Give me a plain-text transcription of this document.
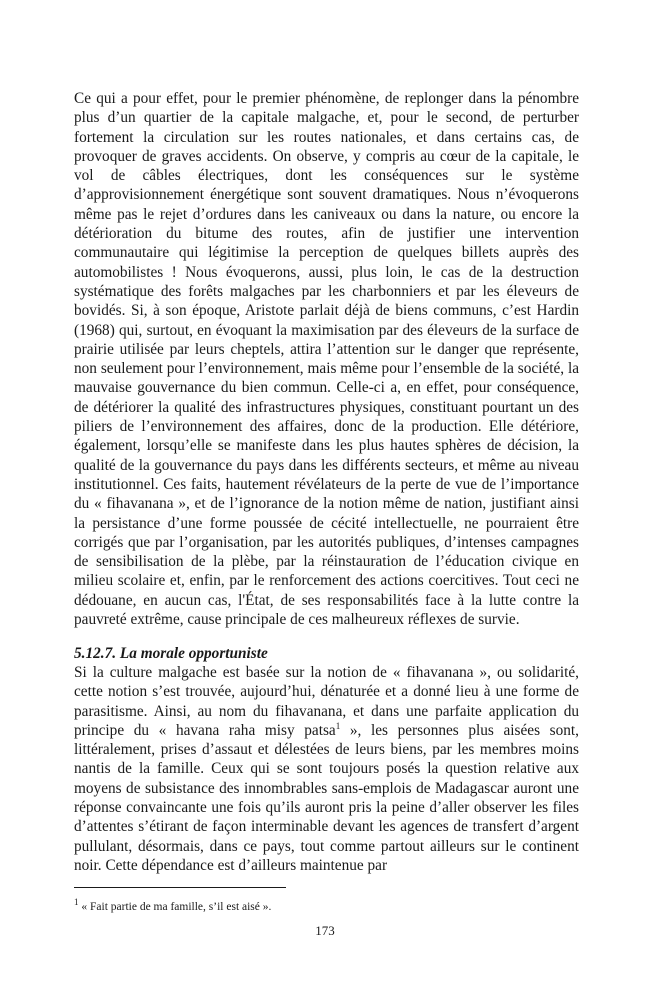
Ce qui a pour effet, pour le premier phénomène, de replonger dans la pénombre plus d’un quartier de la capitale malgache, et, pour le second, de perturber fortement la circulation sur les routes nationales, et dans certains cas, de provoquer de graves accidents. On observe, y compris au cœur de la capitale, le vol de câbles électriques, dont les conséquences sur le système d’approvisionnement énergétique sont souvent dramatiques. Nous n’évoquerons même pas le rejet d’ordures dans les caniveaux ou dans la nature, ou encore la détérioration du bitume des routes, afin de justifier une intervention communautaire qui légitimise la perception de quelques billets auprès des automobilistes ! Nous évoquerons, aussi, plus loin, le cas de la destruction systématique des forêts malgaches par les charbonniers et par les éleveurs de bovidés. Si, à son époque, Aristote parlait déjà de biens communs, c’est Hardin (1968) qui, surtout, en évoquant la maximisation par des éleveurs de la surface de prairie utilisée par leurs cheptels, attira l’attention sur le danger que représente, non seulement pour l’environnement, mais même pour l’ensemble de la société, la mauvaise gouvernance du bien commun. Celle-ci a, en effet, pour conséquence, de détériorer la qualité des infrastructures physiques, constituant pourtant un des piliers de l’environnement des affaires, donc de la production. Elle détériore, également, lorsqu’elle se manifeste dans les plus hautes sphères de décision, la qualité de la gouvernance du pays dans les différents secteurs, et même au niveau institutionnel. Ces faits, hautement révélateurs de la perte de vue de l’importance du « fihavanana », et de l’ignorance de la notion même de nation, justifiant ainsi la persistance d’une forme poussée de cécité intellectuelle, ne pourraient être corrigés que par l’organisation, par les autorités publiques, d’intenses campagnes de sensibilisation de la plèbe, par la réinstauration de l’éducation civique en milieu scolaire et, enfin, par le renforcement des actions coercitives. Tout ceci ne dédouane, en aucun cas, l'État, de ses responsabilités face à la lutte contre la pauvreté extrême, cause principale de ces malheureux réflexes de survie.

5.12.7. La morale opportuniste

Si la culture malgache est basée sur la notion de « fihavanana », ou solidarité, cette notion s’est trouvée, aujourd’hui, dénaturée et a donné lieu à une forme de parasitisme. Ainsi, au nom du fihavanana, et dans une parfaite application du principe du « havana raha misy patsa$^1$ », les personnes plus aisées sont, littéralement, prises d’assaut et délestées de leurs biens, par les membres moins nantis de la famille. Ceux qui se sont toujours posés la question relative aux moyens de subsistance des innombrables sans-emplois de Madagascar auront une réponse convaincante une fois qu’ils auront pris la peine d’aller observer les files d’attentes s’étirant de façon interminable devant les agences de transfert d’argent pullulant, désormais, dans ce pays, tout comme partout ailleurs sur le continent noir. Cette dépendance est d’ailleurs maintenue par

$^1$ « Fait partie de ma famille, s’il est aisé ».

173
